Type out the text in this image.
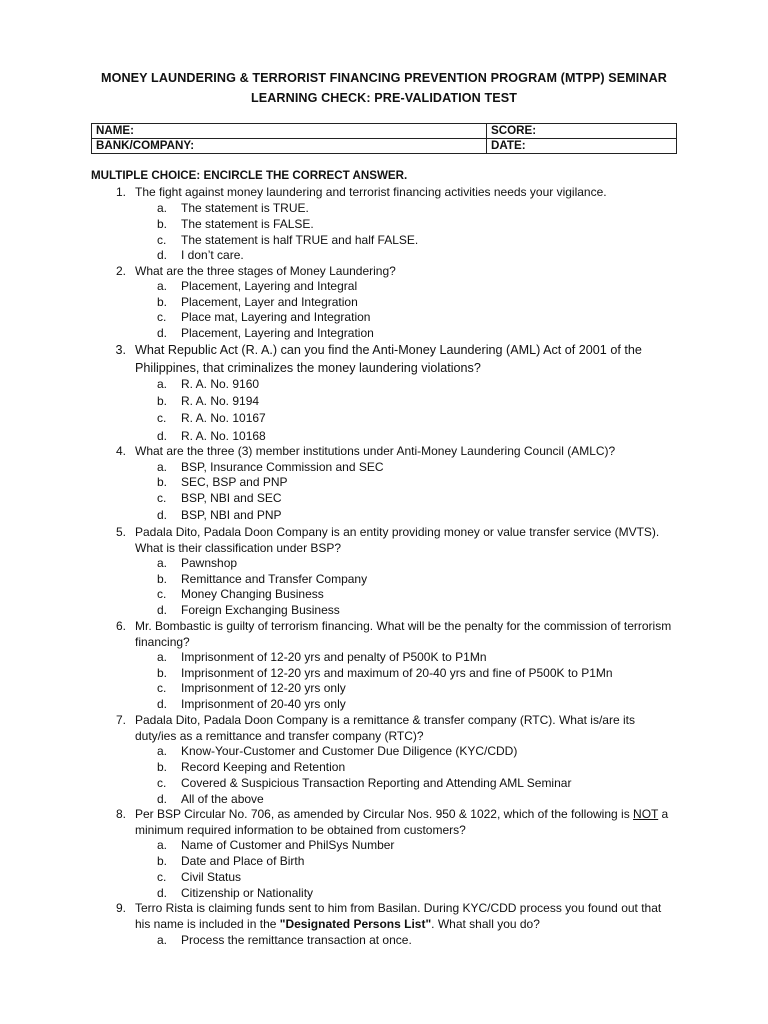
MONEY LAUNDERING & TERRORIST FINANCING PREVENTION PROGRAM (MTPP) SEMINAR
LEARNING CHECK: PRE-VALIDATION TEST
NAME:	SCORE:
BANK/COMPANY:	DATE:
MULTIPLE CHOICE: ENCIRCLE THE CORRECT ANSWER.
1. The fight against money laundering and terrorist financing activities needs your vigilance.
a. The statement is TRUE.
b. The statement is FALSE.
c. The statement is half TRUE and half FALSE.
d. I don’t care.
2. What are the three stages of Money Laundering?
a. Placement, Layering and Integral
b. Placement, Layer and Integration
c. Place mat, Layering and Integration
d. Placement, Layering and Integration
3. What Republic Act (R. A.) can you find the Anti-Money Laundering (AML) Act of 2001 of the Philippines, that criminalizes the money laundering violations?
a. R. A. No. 9160
b. R. A. No. 9194
c. R. A. No. 10167
d. R. A. No. 10168
4. What are the three (3) member institutions under Anti-Money Laundering Council (AMLC)?
a. BSP, Insurance Commission and SEC
b. SEC, BSP and PNP
c. BSP, NBI and SEC
d. BSP, NBI and PNP
5. Padala Dito, Padala Doon Company is an entity providing money or value transfer service (MVTS). What is their classification under BSP?
a. Pawnshop
b. Remittance and Transfer Company
c. Money Changing Business
d. Foreign Exchanging Business
6. Mr. Bombastic is guilty of terrorism financing. What will be the penalty for the commission of terrorism financing?
a. Imprisonment of 12-20 yrs and penalty of P500K to P1Mn
b. Imprisonment of 12-20 yrs and maximum of 20-40 yrs and fine of P500K to P1Mn
c. Imprisonment of 12-20 yrs only
d. Imprisonment of 20-40 yrs only
7. Padala Dito, Padala Doon Company is a remittance & transfer company (RTC). What is/are its duty/ies as a remittance and transfer company (RTC)?
a. Know-Your-Customer and Customer Due Diligence (KYC/CDD)
b. Record Keeping and Retention
c. Covered & Suspicious Transaction Reporting and Attending AML Seminar
d. All of the above
8. Per BSP Circular No. 706, as amended by Circular Nos. 950 & 1022, which of the following is NOT a minimum required information to be obtained from customers?
a. Name of Customer and PhilSys Number
b. Date and Place of Birth
c. Civil Status
d. Citizenship or Nationality
9. Terro Rista is claiming funds sent to him from Basilan. During KYC/CDD process you found out that his name is included in the "Designated Persons List". What shall you do?
a. Process the remittance transaction at once.
